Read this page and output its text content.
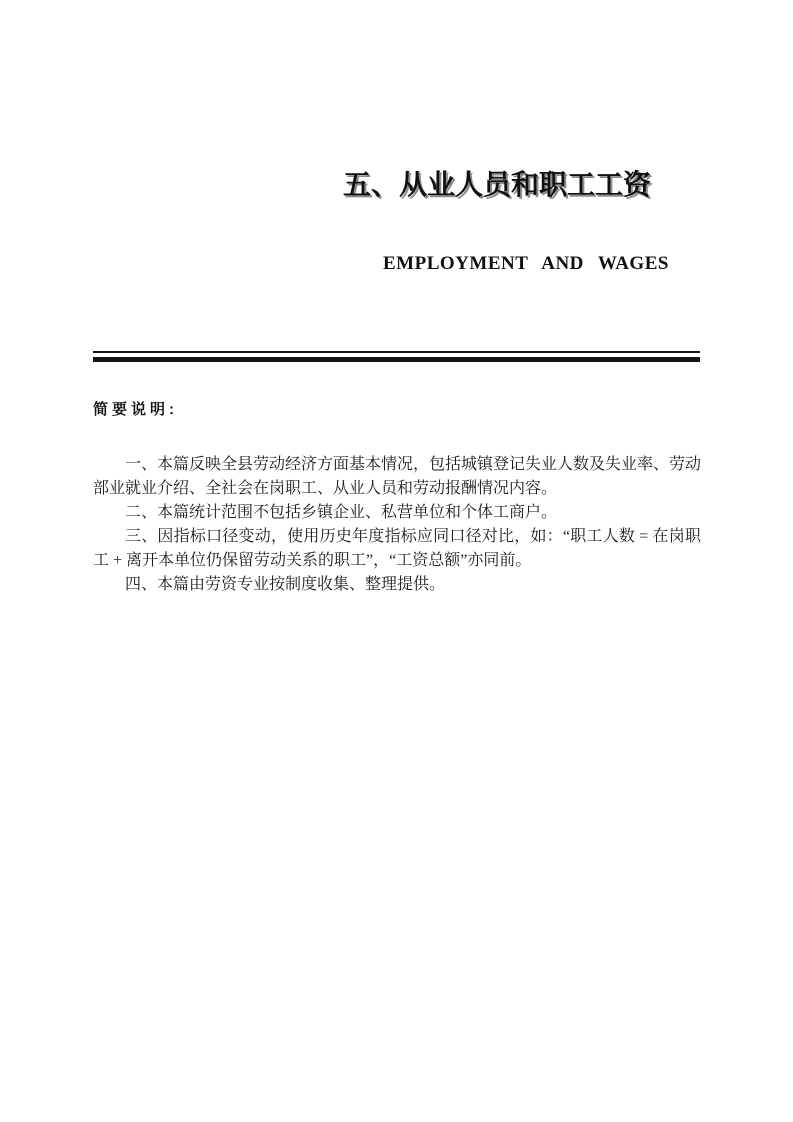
五、从业人员和职工工资
EMPLOYMENT AND WAGES
简要说明:

一、本篇反映全县劳动经济方面基本情况，包括城镇登记失业人数及失业率、劳动部业就业介绍、全社会在岗职工、从业人员和劳动报酬情况内容。

二、本篇统计范围不包括乡镇企业、私营单位和个体工商户。

三、因指标口径变动，使用历史年度指标应同口径对比，如：“职工人数 = 在岗职工 + 离开本单位仍保留劳动关系的职工”，“工资总额”亦同前。

四、本篇由劳资专业按制度收集、整理提供。
